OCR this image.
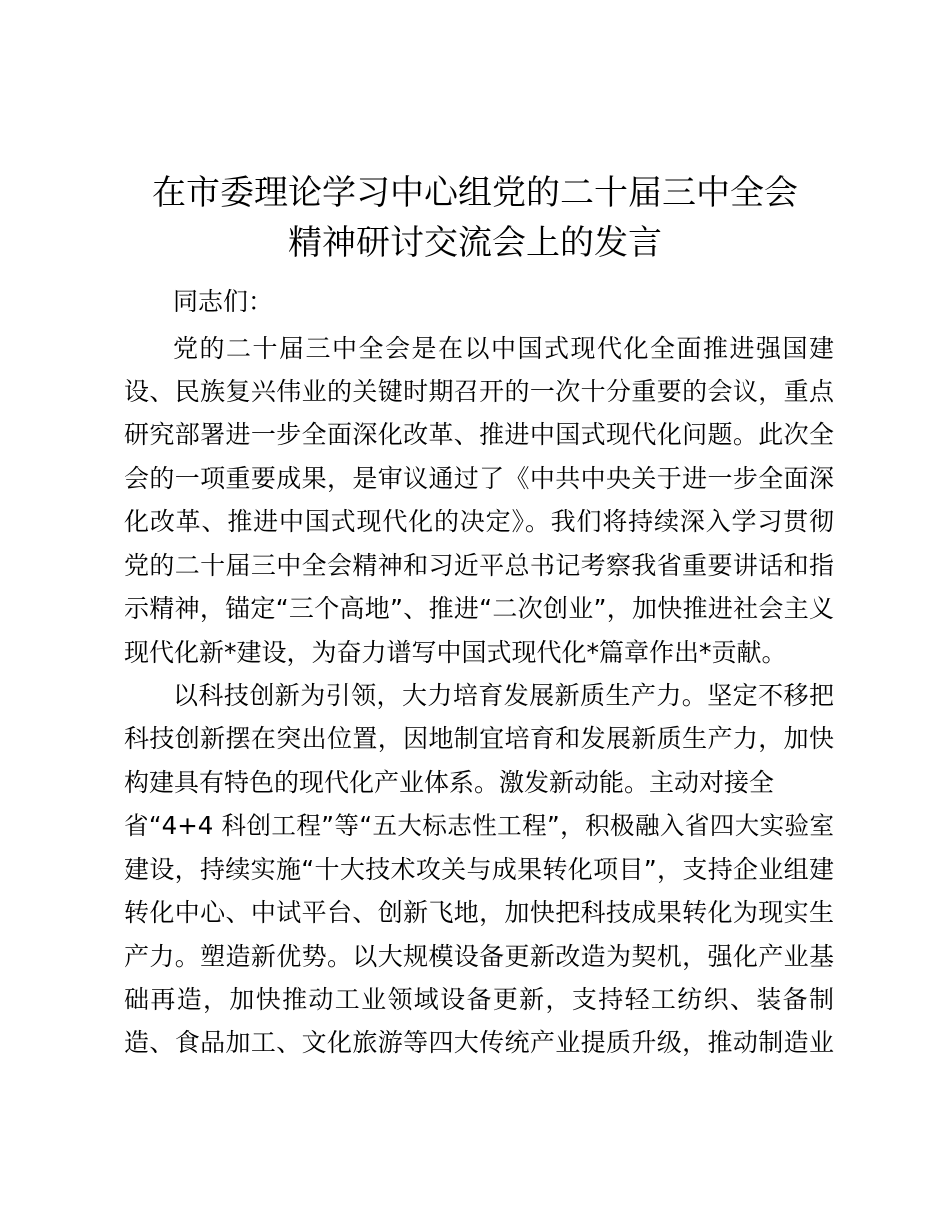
在市委理论学习中心组党的二十届三中全会
精神研讨交流会上的发言
同志们：
党的二十届三中全会是在以中国式现代化全面推进强国建
设、民族复兴伟业的关键时期召开的一次十分重要的会议，重点
研究部署进一步全面深化改革、推进中国式现代化问题。此次全
会的一项重要成果，是审议通过了《中共中央关于进一步全面深
化改革、推进中国式现代化的决定》。我们将持续深入学习贯彻
党的二十届三中全会精神和习近平总书记考察我省重要讲话和指
示精神，锚定“三个高地”、推进“二次创业”，加快推进社会主义
现代化新*建设，为奋力谱写中国式现代化*篇章作出*贡献。
以科技创新为引领，大力培育发展新质生产力。坚定不移把
科技创新摆在突出位置，因地制宜培育和发展新质生产力，加快
构建具有特色的现代化产业体系。激发新动能。主动对接全
省“4+4 科创工程”等“五大标志性工程”，积极融入省四大实验室
建设，持续实施“十大技术攻关与成果转化项目”，支持企业组建
转化中心、中试平台、创新飞地，加快把科技成果转化为现实生
产力。塑造新优势。以大规模设备更新改造为契机，强化产业基
础再造，加快推动工业领域设备更新，支持轻工纺织、装备制
造、食品加工、文化旅游等四大传统产业提质升级，推动制造业
